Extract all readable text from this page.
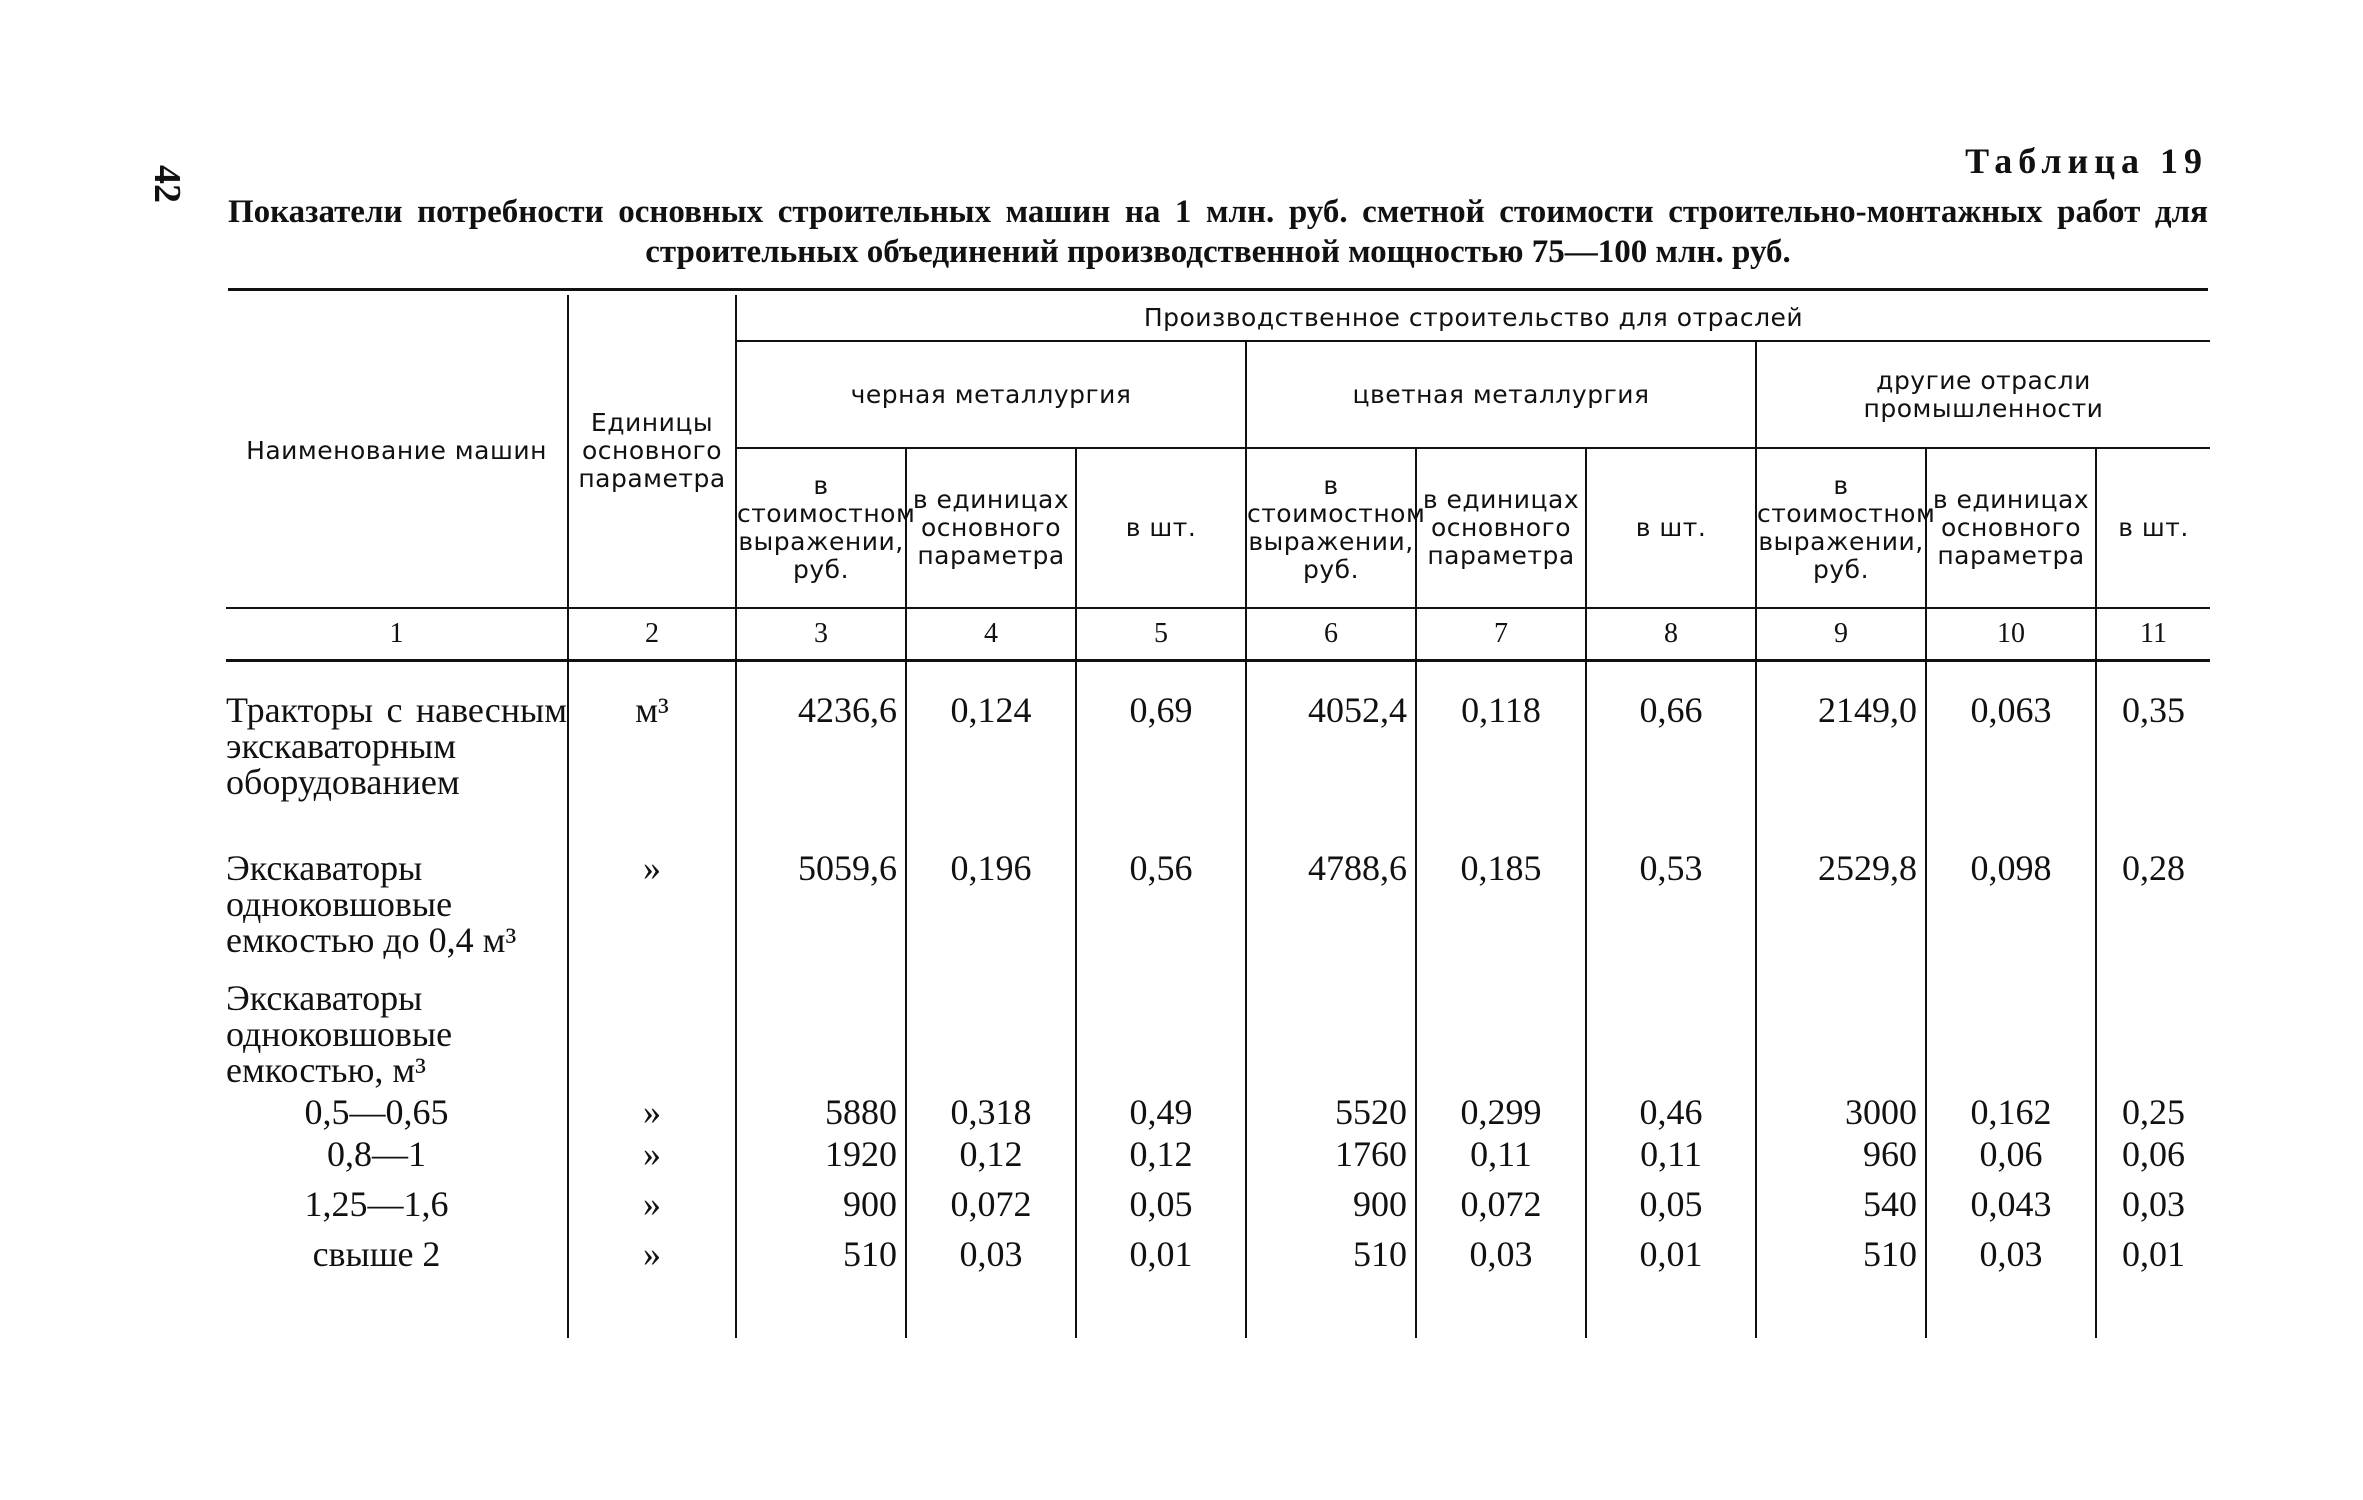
42
Таблица 19
Показатели потребности основных строительных машин на 1 млн. руб. сметной стоимости строительно-монтажных работ для строительных объединений производственной мощностью 75—100 млн. руб.
Наименование машин	Единицы основного параметра	Производственное строительство для отраслей								
		черная металлургия			цветная металлургия			другие отрасли промышленности		
		в стоимостном выражении, руб.	в единицах основного параметра	в шт.	в стоимостном выражении, руб.	в единицах основного параметра	в шт.	в стоимостном выражении, руб.	в единицах основного параметра	в шт.
1	2	3	4	5	6	7	8	9	10	11

Тракторы с навесным экскаваторным оборудованием	м³	4236,6	0,124	0,69	4052,4	0,118	0,66	2149,0	0,063	0,35
Экскаваторы одноковшовые емкостью до 0,4 м³	»	5059,6	0,196	0,56	4788,6	0,185	0,53	2529,8	0,098	0,28
Экскаваторы одноковшовые емкостью, м³										
0,5—0,65	»	5880	0,318	0,49	5520	0,299	0,46	3000	0,162	0,25
0,8—1	»	1920	0,12	0,12	1760	0,11	0,11	960	0,06	0,06
1,25—1,6	»	900	0,072	0,05	900	0,072	0,05	540	0,043	0,03
свыше 2	»	510	0,03	0,01	510	0,03	0,01	510	0,03	0,01
